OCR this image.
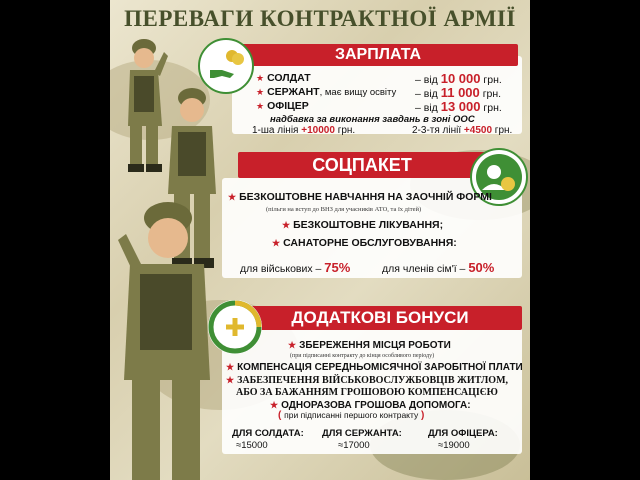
ПЕРЕВАГИ КОНТРАКТНОЇ АРМІЇ
ЗАРПЛАТА
★ СОЛДАТ	– від 10 000 грн.
★ СЕРЖАНТ, має вищу освіту – від 11 000 грн.
★ ОФІЦЕР	– від 13 000 грн.
надбавка за виконання завдань в зоні ООС
1-ша лінія +10000 грн.	2-3-тя лінії +4500 грн.
СОЦПАКЕТ
★ БЕЗКОШТОВНЕ НАВЧАННЯ НА ЗАОЧНІЙ ФОРМІ
(пільги на вступ до ВНЗ для учасників АТО, та їх дітей)
★ БЕЗКОШТОВНЕ ЛІКУВАННЯ;
★ САНАТОРНЕ ОБСЛУГОВУВАННЯ:
для військових – 75%	для членів сім'ї – 50%
ДОДАТКОВІ БОНУСИ
★ ЗБЕРЕЖЕННЯ МІСЦЯ РОБОТИ
(при підписанні контракту до кінця особливого періоду)
★ КОМПЕНСАЦІЯ СЕРЕДНЬОМІСЯЧНОЇ ЗАРОБІТНОЇ ПЛАТИ
★ ЗАБЕЗПЕЧЕННЯ ВІЙСЬКОВОСЛУЖБОВЦІВ ЖИТЛОМ,
АБО ЗА БАЖАННЯМ ГРОШОВОЮ КОМПЕНСАЦІЄЮ
★ ОДНОРАЗОВА ГРОШОВА ДОПОМОГА:
( при підписанні першого контракту )
ДЛЯ СОЛДАТА:
≈15000
ДЛЯ СЕРЖАНТА:
≈17000
ДЛЯ ОФІЦЕРА:
≈19000
